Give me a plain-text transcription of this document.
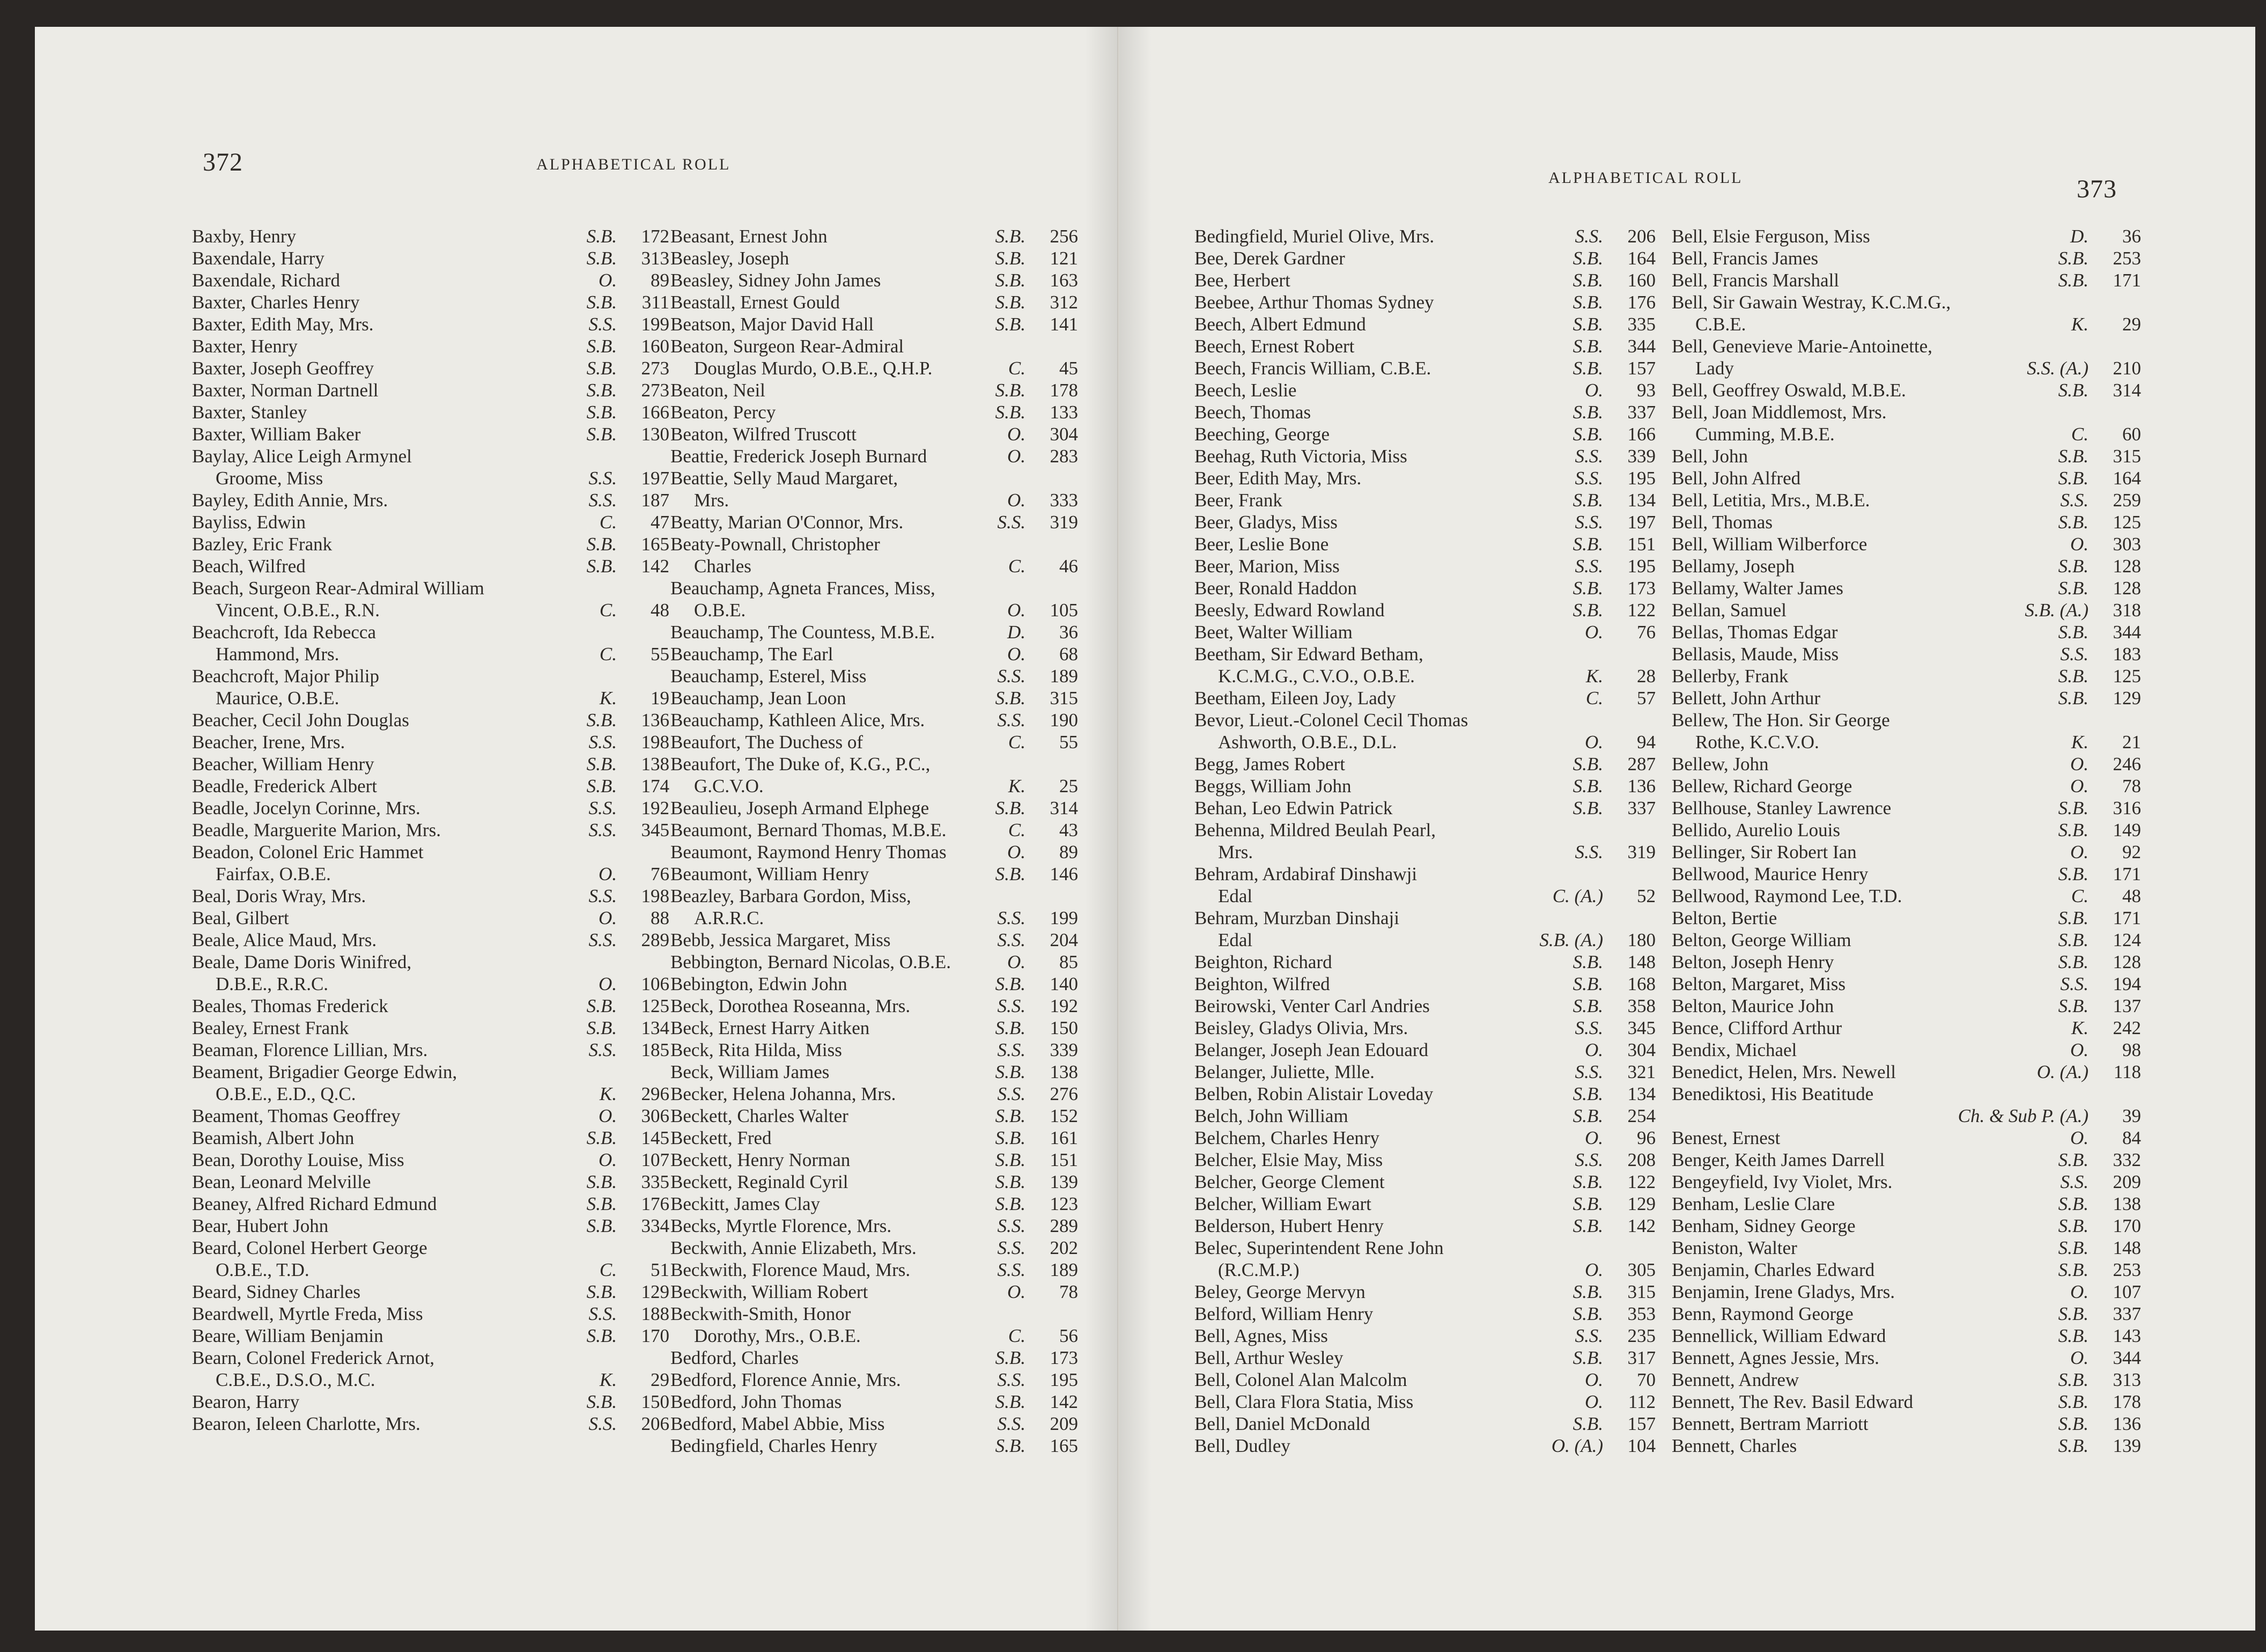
372	ALPHABETICAL ROLL
Baxby, Henry	S.B.	172
Baxendale, Harry	S.B.	313
Baxendale, Richard	O.	89
Baxter, Charles Henry	S.B.	311
Baxter, Edith May, Mrs.	S.S.	199
Baxter, Henry	S.B.	160
Baxter, Joseph Geoffrey	S.B.	273
Baxter, Norman Dartnell	S.B.	273
Baxter, Stanley	S.B.	166
Baxter, William Baker	S.B.	130
Baylay, Alice Leigh Armynel
Groome, Miss	S.S.	197
Bayley, Edith Annie, Mrs.	S.S.	187
Bayliss, Edwin	C.	47
Bazley, Eric Frank	S.B.	165
Beach, Wilfred	S.B.	142
Beach, Surgeon Rear-Admiral William
Vincent, O.B.E., R.N.	C.	48
Beachcroft, Ida Rebecca
Hammond, Mrs.	C.	55
Beachcroft, Major Philip
Maurice, O.B.E.	K.	19
Beacher, Cecil John Douglas	S.B.	136
Beacher, Irene, Mrs.	S.S.	198
Beacher, William Henry	S.B.	138
Beadle, Frederick Albert	S.B.	174
Beadle, Jocelyn Corinne, Mrs.	S.S.	192
Beadle, Marguerite Marion, Mrs.	S.S.	345
Beadon, Colonel Eric Hammet
Fairfax, O.B.E.	O.	76
Beal, Doris Wray, Mrs.	S.S.	198
Beal, Gilbert	O.	88
Beale, Alice Maud, Mrs.	S.S.	289
Beale, Dame Doris Winifred,
D.B.E., R.R.C.	O.	106
Beales, Thomas Frederick	S.B.	125
Bealey, Ernest Frank	S.B.	134
Beaman, Florence Lillian, Mrs.	S.S.	185
Beament, Brigadier George Edwin,
O.B.E., E.D., Q.C.	K.	296
Beament, Thomas Geoffrey	O.	306
Beamish, Albert John	S.B.	145
Bean, Dorothy Louise, Miss	O.	107
Bean, Leonard Melville	S.B.	335
Beaney, Alfred Richard Edmund	S.B.	176
Bear, Hubert John	S.B.	334
Beard, Colonel Herbert George
O.B.E., T.D.	C.	51
Beard, Sidney Charles	S.B.	129
Beardwell, Myrtle Freda, Miss	S.S.	188
Beare, William Benjamin	S.B.	170
Bearn, Colonel Frederick Arnot,
C.B.E., D.S.O., M.C.	K.	29
Bearon, Harry	S.B.	150
Bearon, Ieleen Charlotte, Mrs.	S.S.	206
Beasant, Ernest John	S.B.	256
Beasley, Joseph	S.B.	121
Beasley, Sidney John James	S.B.	163
Beastall, Ernest Gould	S.B.	312
Beatson, Major David Hall	S.B.	141
Beaton, Surgeon Rear-Admiral
Douglas Murdo, O.B.E., Q.H.P.	C.	45
Beaton, Neil	S.B.	178
Beaton, Percy	S.B.	133
Beaton, Wilfred Truscott	O.	304
Beattie, Frederick Joseph Burnard	O.	283
Beattie, Selly Maud Margaret,
Mrs.	O.	333
Beatty, Marian O'Connor, Mrs.	S.S.	319
Beaty-Pownall, Christopher
Charles	C.	46
Beauchamp, Agneta Frances, Miss,
O.B.E.	O.	105
Beauchamp, The Countess, M.B.E.	D.	36
Beauchamp, The Earl	O.	68
Beauchamp, Esterel, Miss	S.S.	189
Beauchamp, Jean Loon	S.B.	315
Beauchamp, Kathleen Alice, Mrs.	S.S.	190
Beaufort, The Duchess of	C.	55
Beaufort, The Duke of, K.G., P.C.,
G.C.V.O.	K.	25
Beaulieu, Joseph Armand Elphege	S.B.	314
Beaumont, Bernard Thomas, M.B.E.	C.	43
Beaumont, Raymond Henry Thomas	O.	89
Beaumont, William Henry	S.B.	146
Beazley, Barbara Gordon, Miss,
A.R.R.C.	S.S.	199
Bebb, Jessica Margaret, Miss	S.S.	204
Bebbington, Bernard Nicolas, O.B.E.	O.	85
Bebington, Edwin John	S.B.	140
Beck, Dorothea Roseanna, Mrs.	S.S.	192
Beck, Ernest Harry Aitken	S.B.	150
Beck, Rita Hilda, Miss	S.S.	339
Beck, William James	S.B.	138
Becker, Helena Johanna, Mrs.	S.S.	276
Beckett, Charles Walter	S.B.	152
Beckett, Fred	S.B.	161
Beckett, Henry Norman	S.B.	151
Beckett, Reginald Cyril	S.B.	139
Beckitt, James Clay	S.B.	123
Becks, Myrtle Florence, Mrs.	S.S.	289
Beckwith, Annie Elizabeth, Mrs.	S.S.	202
Beckwith, Florence Maud, Mrs.	S.S.	189
Beckwith, William Robert	O.	78
Beckwith-Smith, Honor
Dorothy, Mrs., O.B.E.	C.	56
Bedford, Charles	S.B.	173
Bedford, Florence Annie, Mrs.	S.S.	195
Bedford, John Thomas	S.B.	142
Bedford, Mabel Abbie, Miss	S.S.	209
Bedingfield, Charles Henry	S.B.	165
ALPHABETICAL ROLL	373
Bedingfield, Muriel Olive, Mrs.	S.S.	206
Bee, Derek Gardner	S.B.	164
Bee, Herbert	S.B.	160
Beebee, Arthur Thomas Sydney	S.B.	176
Beech, Albert Edmund	S.B.	335
Beech, Ernest Robert	S.B.	344
Beech, Francis William, C.B.E.	S.B.	157
Beech, Leslie	O.	93
Beech, Thomas	S.B.	337
Beeching, George	S.B.	166
Beehag, Ruth Victoria, Miss	S.S.	339
Beer, Edith May, Mrs.	S.S.	195
Beer, Frank	S.B.	134
Beer, Gladys, Miss	S.S.	197
Beer, Leslie Bone	S.B.	151
Beer, Marion, Miss	S.S.	195
Beer, Ronald Haddon	S.B.	173
Beesly, Edward Rowland	S.B.	122
Beet, Walter William	O.	76
Beetham, Sir Edward Betham,
K.C.M.G., C.V.O., O.B.E.	K.	28
Beetham, Eileen Joy, Lady	C.	57
Bevor, Lieut.-Colonel Cecil Thomas
Ashworth, O.B.E., D.L.	O.	94
Begg, James Robert	S.B.	287
Beggs, William John	S.B.	136
Behan, Leo Edwin Patrick	S.B.	337
Behenna, Mildred Beulah Pearl,
Mrs.	S.S.	319
Behram, Ardabiraf Dinshawji
Edal	C. (A.)	52
Behram, Murzban Dinshaji
Edal	S.B. (A.)	180
Beighton, Richard	S.B.	148
Beighton, Wilfred	S.B.	168
Beirowski, Venter Carl Andries	S.B.	358
Beisley, Gladys Olivia, Mrs.	S.S.	345
Belanger, Joseph Jean Edouard	O.	304
Belanger, Juliette, Mlle.	S.S.	321
Belben, Robin Alistair Loveday	S.B.	134
Belch, John William	S.B.	254
Belchem, Charles Henry	O.	96
Belcher, Elsie May, Miss	S.S.	208
Belcher, George Clement	S.B.	122
Belcher, William Ewart	S.B.	129
Belderson, Hubert Henry	S.B.	142
Belec, Superintendent Rene John
(R.C.M.P.)	O.	305
Beley, George Mervyn	S.B.	315
Belford, William Henry	S.B.	353
Bell, Agnes, Miss	S.S.	235
Bell, Arthur Wesley	S.B.	317
Bell, Colonel Alan Malcolm	O.	70
Bell, Clara Flora Statia, Miss	O.	112
Bell, Daniel McDonald	S.B.	157
Bell, Dudley	O. (A.)	104
Bell, Elsie Ferguson, Miss	D.	36
Bell, Francis James	S.B.	253
Bell, Francis Marshall	S.B.	171
Bell, Sir Gawain Westray, K.C.M.G.,
C.B.E.	K.	29
Bell, Genevieve Marie-Antoinette,
Lady	S.S. (A.)	210
Bell, Geoffrey Oswald, M.B.E.	S.B.	314
Bell, Joan Middlemost, Mrs.
Cumming, M.B.E.	C.	60
Bell, John	S.B.	315
Bell, John Alfred	S.B.	164
Bell, Letitia, Mrs., M.B.E.	S.S.	259
Bell, Thomas	S.B.	125
Bell, William Wilberforce	O.	303
Bellamy, Joseph	S.B.	128
Bellamy, Walter James	S.B.	128
Bellan, Samuel	S.B. (A.)	318
Bellas, Thomas Edgar	S.B.	344
Bellasis, Maude, Miss	S.S.	183
Bellerby, Frank	S.B.	125
Bellett, John Arthur	S.B.	129
Bellew, The Hon. Sir George
Rothe, K.C.V.O.	K.	21
Bellew, John	O.	246
Bellew, Richard George	O.	78
Bellhouse, Stanley Lawrence	S.B.	316
Bellido, Aurelio Louis	S.B.	149
Bellinger, Sir Robert Ian	O.	92
Bellwood, Maurice Henry	S.B.	171
Bellwood, Raymond Lee, T.D.	C.	48
Belton, Bertie	S.B.	171
Belton, George William	S.B.	124
Belton, Joseph Henry	S.B.	128
Belton, Margaret, Miss	S.S.	194
Belton, Maurice John	S.B.	137
Bence, Clifford Arthur	K.	242
Bendix, Michael	O.	98
Benedict, Helen, Mrs. Newell	O. (A.)	118
Benediktosi, His Beatitude
Ch. & Sub P. (A.)	39
Benest, Ernest	O.	84
Benger, Keith James Darrell	S.B.	332
Bengeyfield, Ivy Violet, Mrs.	S.S.	209
Benham, Leslie Clare	S.B.	138
Benham, Sidney George	S.B.	170
Beniston, Walter	S.B.	148
Benjamin, Charles Edward	S.B.	253
Benjamin, Irene Gladys, Mrs.	O.	107
Benn, Raymond George	S.B.	337
Bennellick, William Edward	S.B.	143
Bennett, Agnes Jessie, Mrs.	O.	344
Bennett, Andrew	S.B.	313
Bennett, The Rev. Basil Edward	S.B.	178
Bennett, Bertram Marriott	S.B.	136
Bennett, Charles	S.B.	139
